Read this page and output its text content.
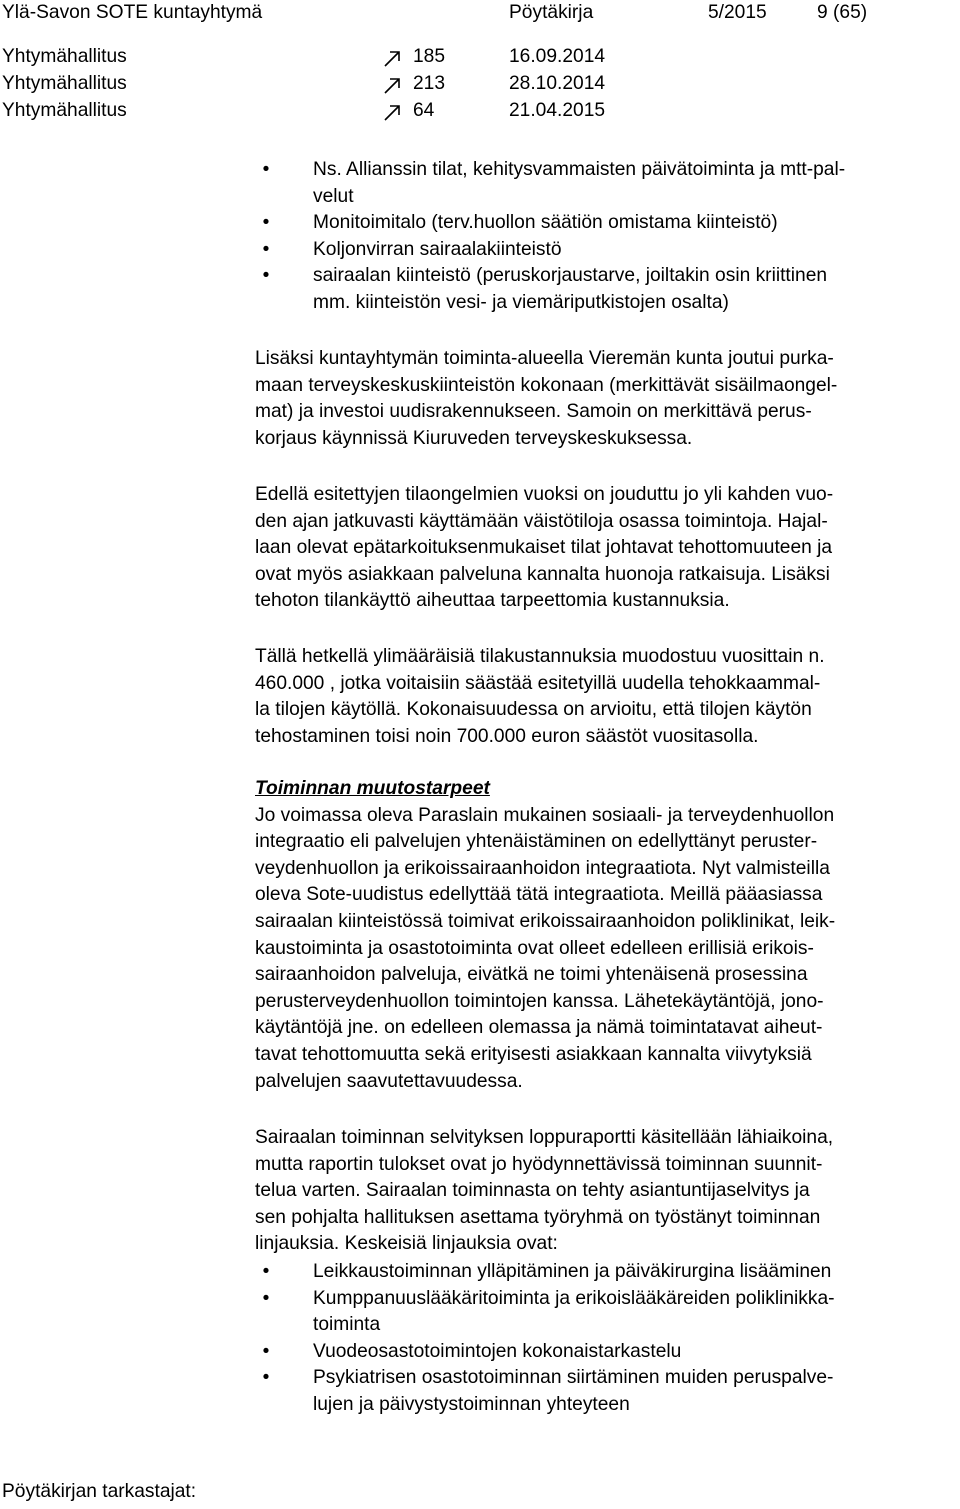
Ylä-Savon SOTE kuntayhtymä	Pöytäkirja	5/2015	9 (65)
Yhtymähallitus	185	16.09.2014
Yhtymähallitus	213	28.10.2014
Yhtymähallitus	64	21.04.2015
•	Ns. Allianssin tilat, kehitysvammaisten päivätoiminta ja mtt-pal-
velut
•	Monitoimitalo (terv.huollon säätiön omistama kiinteistö)
•	Koljonvirran sairaalakiinteistö
•	sairaalan kiinteistö (peruskorjaustarve, joiltakin osin kriittinen
mm. kiinteistön vesi- ja viemäriputkistojen osalta)
Lisäksi kuntayhtymän toiminta-alueella Vieremän kunta joutui purka-
maan terveyskeskuskiinteistön kokonaan (merkittävät sisäilmaongel-
mat) ja investoi uudisrakennukseen. Samoin on merkittävä perus-
korjaus käynnissä Kiuruveden terveyskeskuksessa.
Edellä esitettyjen tilaongelmien vuoksi on jouduttu jo yli kahden vuo-
den ajan jatkuvasti käyttämään väistötiloja osassa toimintoja. Hajal-
laan olevat epätarkoituksenmukaiset tilat johtavat tehottomuuteen ja
ovat myös asiakkaan palveluna kannalta huonoja ratkaisuja. Lisäksi
tehoton tilankäyttö aiheuttaa tarpeettomia kustannuksia.
Tällä hetkellä ylimääräisiä tilakustannuksia muodostuu vuosittain n.
460.000 , jotka voitaisiin säästää esitetyillä uudella tehokkaammal-
la tilojen käytöllä. Kokonaisuudessa on arvioitu, että tilojen käytön
tehostaminen toisi noin 700.000 euron säästöt vuositasolla.
Toiminnan muutostarpeet
Jo voimassa oleva Paraslain mukainen sosiaali- ja terveydenhuollon
integraatio eli palvelujen yhtenäistäminen on edellyttänyt peruster-
veydenhuollon ja erikoissairaanhoidon integraatiota. Nyt valmisteilla
oleva Sote-uudistus edellyttää tätä integraatiota. Meillä pääasiassa
sairaalan kiinteistössä toimivat erikoissairaanhoidon poliklinikat, leik-
kaustoiminta ja osastotoiminta ovat olleet edelleen erillisiä erikois-
sairaanhoidon palveluja, eivätkä ne toimi yhtenäisenä prosessina
perusterveydenhuollon toimintojen kanssa. Lähetekäytäntöjä, jono-
käytäntöjä jne. on edelleen olemassa ja nämä toimintatavat aiheut-
tavat tehottomuutta sekä erityisesti asiakkaan kannalta viivytyksiä
palvelujen saavutettavuudessa.
Sairaalan toiminnan selvityksen loppuraportti käsitellään lähiaikoina,
mutta raportin tulokset ovat jo hyödynnettävissä toiminnan suunnit-
telua varten. Sairaalan toiminnasta on tehty asiantuntijaselvitys ja
sen pohjalta hallituksen asettama työryhmä on työstänyt toiminnan
linjauksia. Keskeisiä linjauksia ovat:
•	Leikkaustoiminnan ylläpitäminen ja päiväkirurgina lisääminen
•	Kumppanuuslääkäritoiminta ja erikoislääkäreiden poliklinikka-
toiminta
•	Vuodeosastotoimintojen kokonaistarkastelu
•	Psykiatrisen osastotoiminnan siirtäminen muiden peruspalve-
lujen ja päivystystoiminnan yhteyteen
Pöytäkirjan tarkastajat:
